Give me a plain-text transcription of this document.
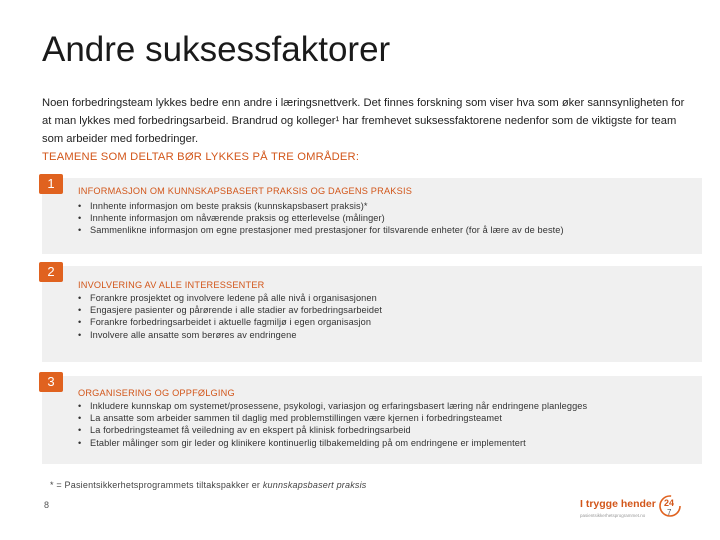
Andre suksessfaktorer
Noen forbedringsteam lykkes bedre enn andre i læringsnettverk. Det finnes forskning som viser hva som øker sannsynligheten for at man lykkes med forbedringsarbeid. Brandrud og kolleger¹ har fremhevet suksessfaktorene nedenfor som de viktigste for team som arbeider med forbedringer.
TEAMENE SOM DELTAR BØR LYKKES PÅ TRE OMRÅDER:
1	INFORMASJON OM KUNNSKAPSBASERT PRAKSIS OG DAGENS PRAKSIS
• Innhente informasjon om beste praksis (kunnskapsbasert praksis)*
• Innhente informasjon om nåværende praksis og etterlevelse (målinger)
• Sammenlikne informasjon om egne prestasjoner med prestasjoner for tilsvarende enheter (for å lære av de beste)
2
INVOLVERING AV ALLE INTERESSENTER
• Forankre prosjektet og involvere ledene på alle nivå i organisasjonen
• Engasjere pasienter og pårørende i alle stadier av forbedringsarbeidet
• Forankre forbedringsarbeidet i aktuelle fagmiljø i egen organisasjon
• Involvere alle ansatte som berøres av endringene
3
ORGANISERING OG OPPFØLGING
• Inkludere kunnskap om systemet/prosessene, psykologi, variasjon og erfaringsbasert læring når endringene planlegges
• La ansatte som arbeider sammen til daglig med problemstillingen være kjernen i forbedringsteamet
• La forbedringsteamet få veiledning av en ekspert på klinisk forbedringsarbeid
• Etabler målinger som gir leder og klinikere kontinuerlig tilbakemelding på om endringene er implementert
* = Pasientsikkerhetsprogrammets tiltakspakker er kunnskapsbasert praksis
8	I trygge hender
pasientsikkerhetsprogrammet.no
24
7
